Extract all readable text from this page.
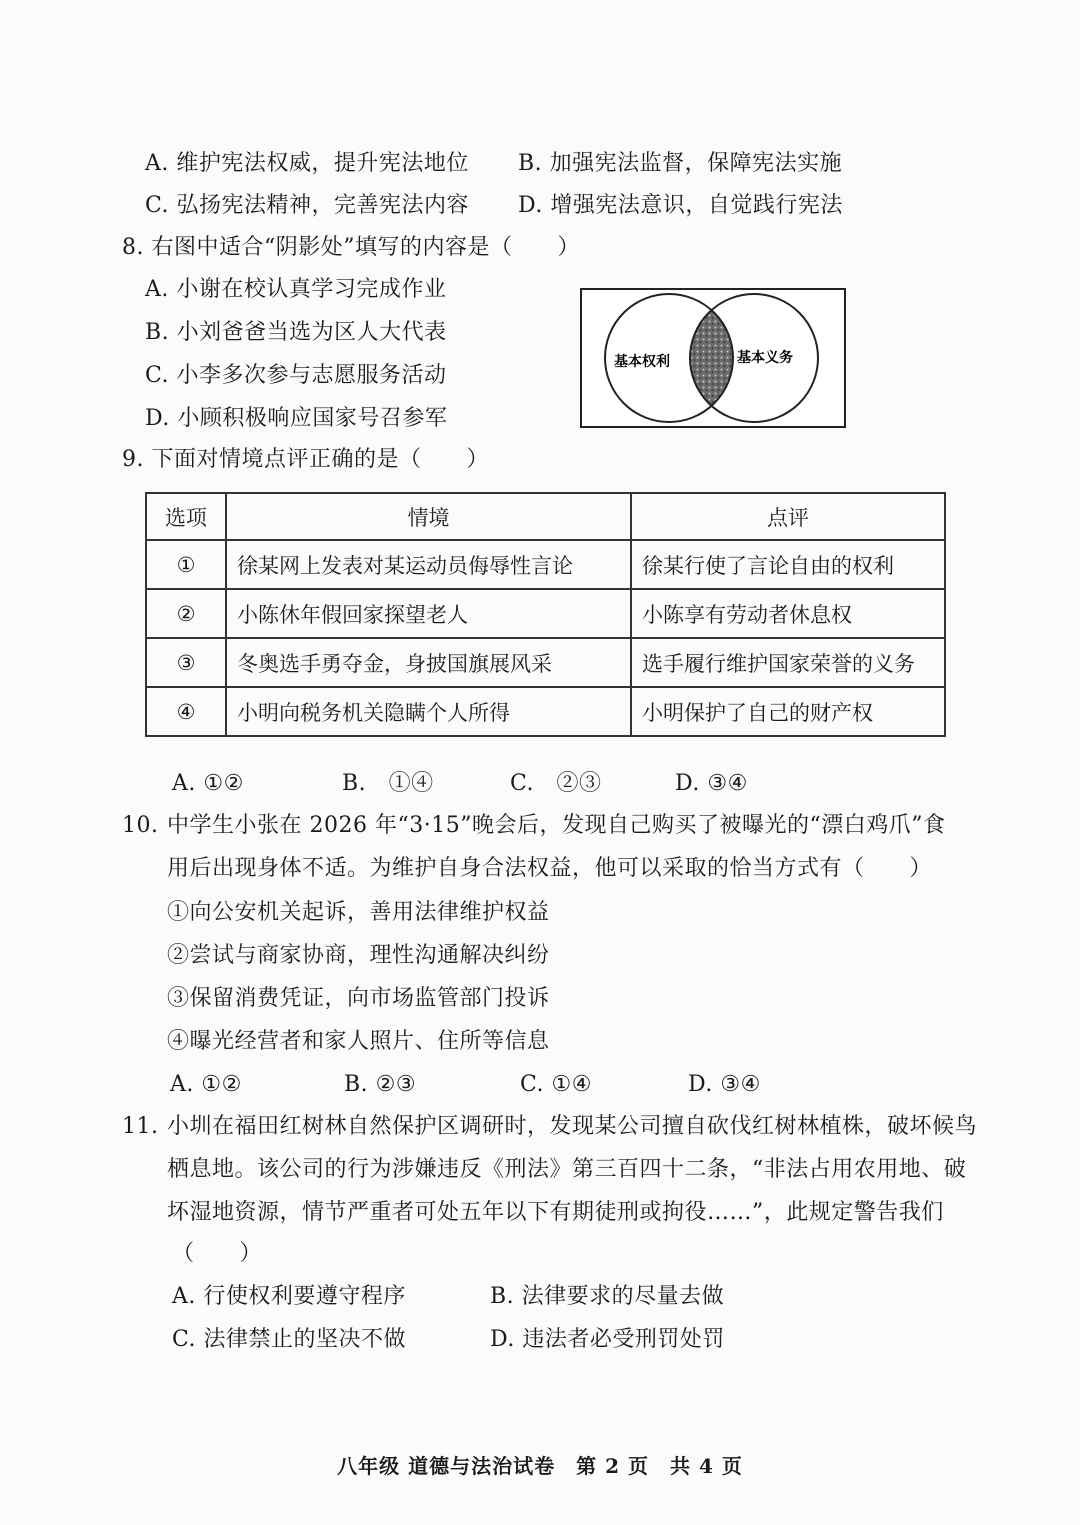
A. 维护宪法权威，提升宪法地位 B. 加强宪法监督，保障宪法实施
C. 弘扬宪法精神，完善宪法内容 D. 增强宪法意识，自觉践行宪法
8. 右图中适合“阴影处”填写的内容是（　　）
A. 小谢在校认真学习完成作业
B. 小刘爸爸当选为区人大代表
C. 小李多次参与志愿服务活动
D. 小顾积极响应国家号召参军
基本权利	基本义务
9. 下面对情境点评正确的是（　　）
选项	情境	点评
①	徐某网上发表对某运动员侮辱性言论	徐某行使了言论自由的权利
②	小陈休年假回家探望老人	小陈享有劳动者休息权
③	冬奥选手勇夺金，身披国旗展风采	选手履行维护国家荣誉的义务
④	小明向税务机关隐瞒个人所得	小明保护了自己的财产权
A. ①②	B.　①④	C.　②③	D. ③④
10. 中学生小张在 2026 年“3·15”晚会后，发现自己购买了被曝光的“漂白鸡爪”食
用后出现身体不适。为维护自身合法权益，他可以采取的恰当方式有（　　）
①向公安机关起诉，善用法律维护权益
②尝试与商家协商，理性沟通解决纠纷
③保留消费凭证，向市场监管部门投诉
④曝光经营者和家人照片、住所等信息
A. ①②	B. ②③	C. ①④	D. ③④
11. 小圳在福田红树林自然保护区调研时，发现某公司擅自砍伐红树林植株，破坏候鸟
栖息地。该公司的行为涉嫌违反《刑法》第三百四十二条，“非法占用农用地、破
坏湿地资源，情节严重者可处五年以下有期徒刑或拘役……”，此规定警告我们
（　　）
A. 行使权利要遵守程序	B. 法律要求的尽量去做
C. 法律禁止的坚决不做	D. 违法者必受刑罚处罚
八年级 道德与法治试卷　第 2 页　共 4 页
